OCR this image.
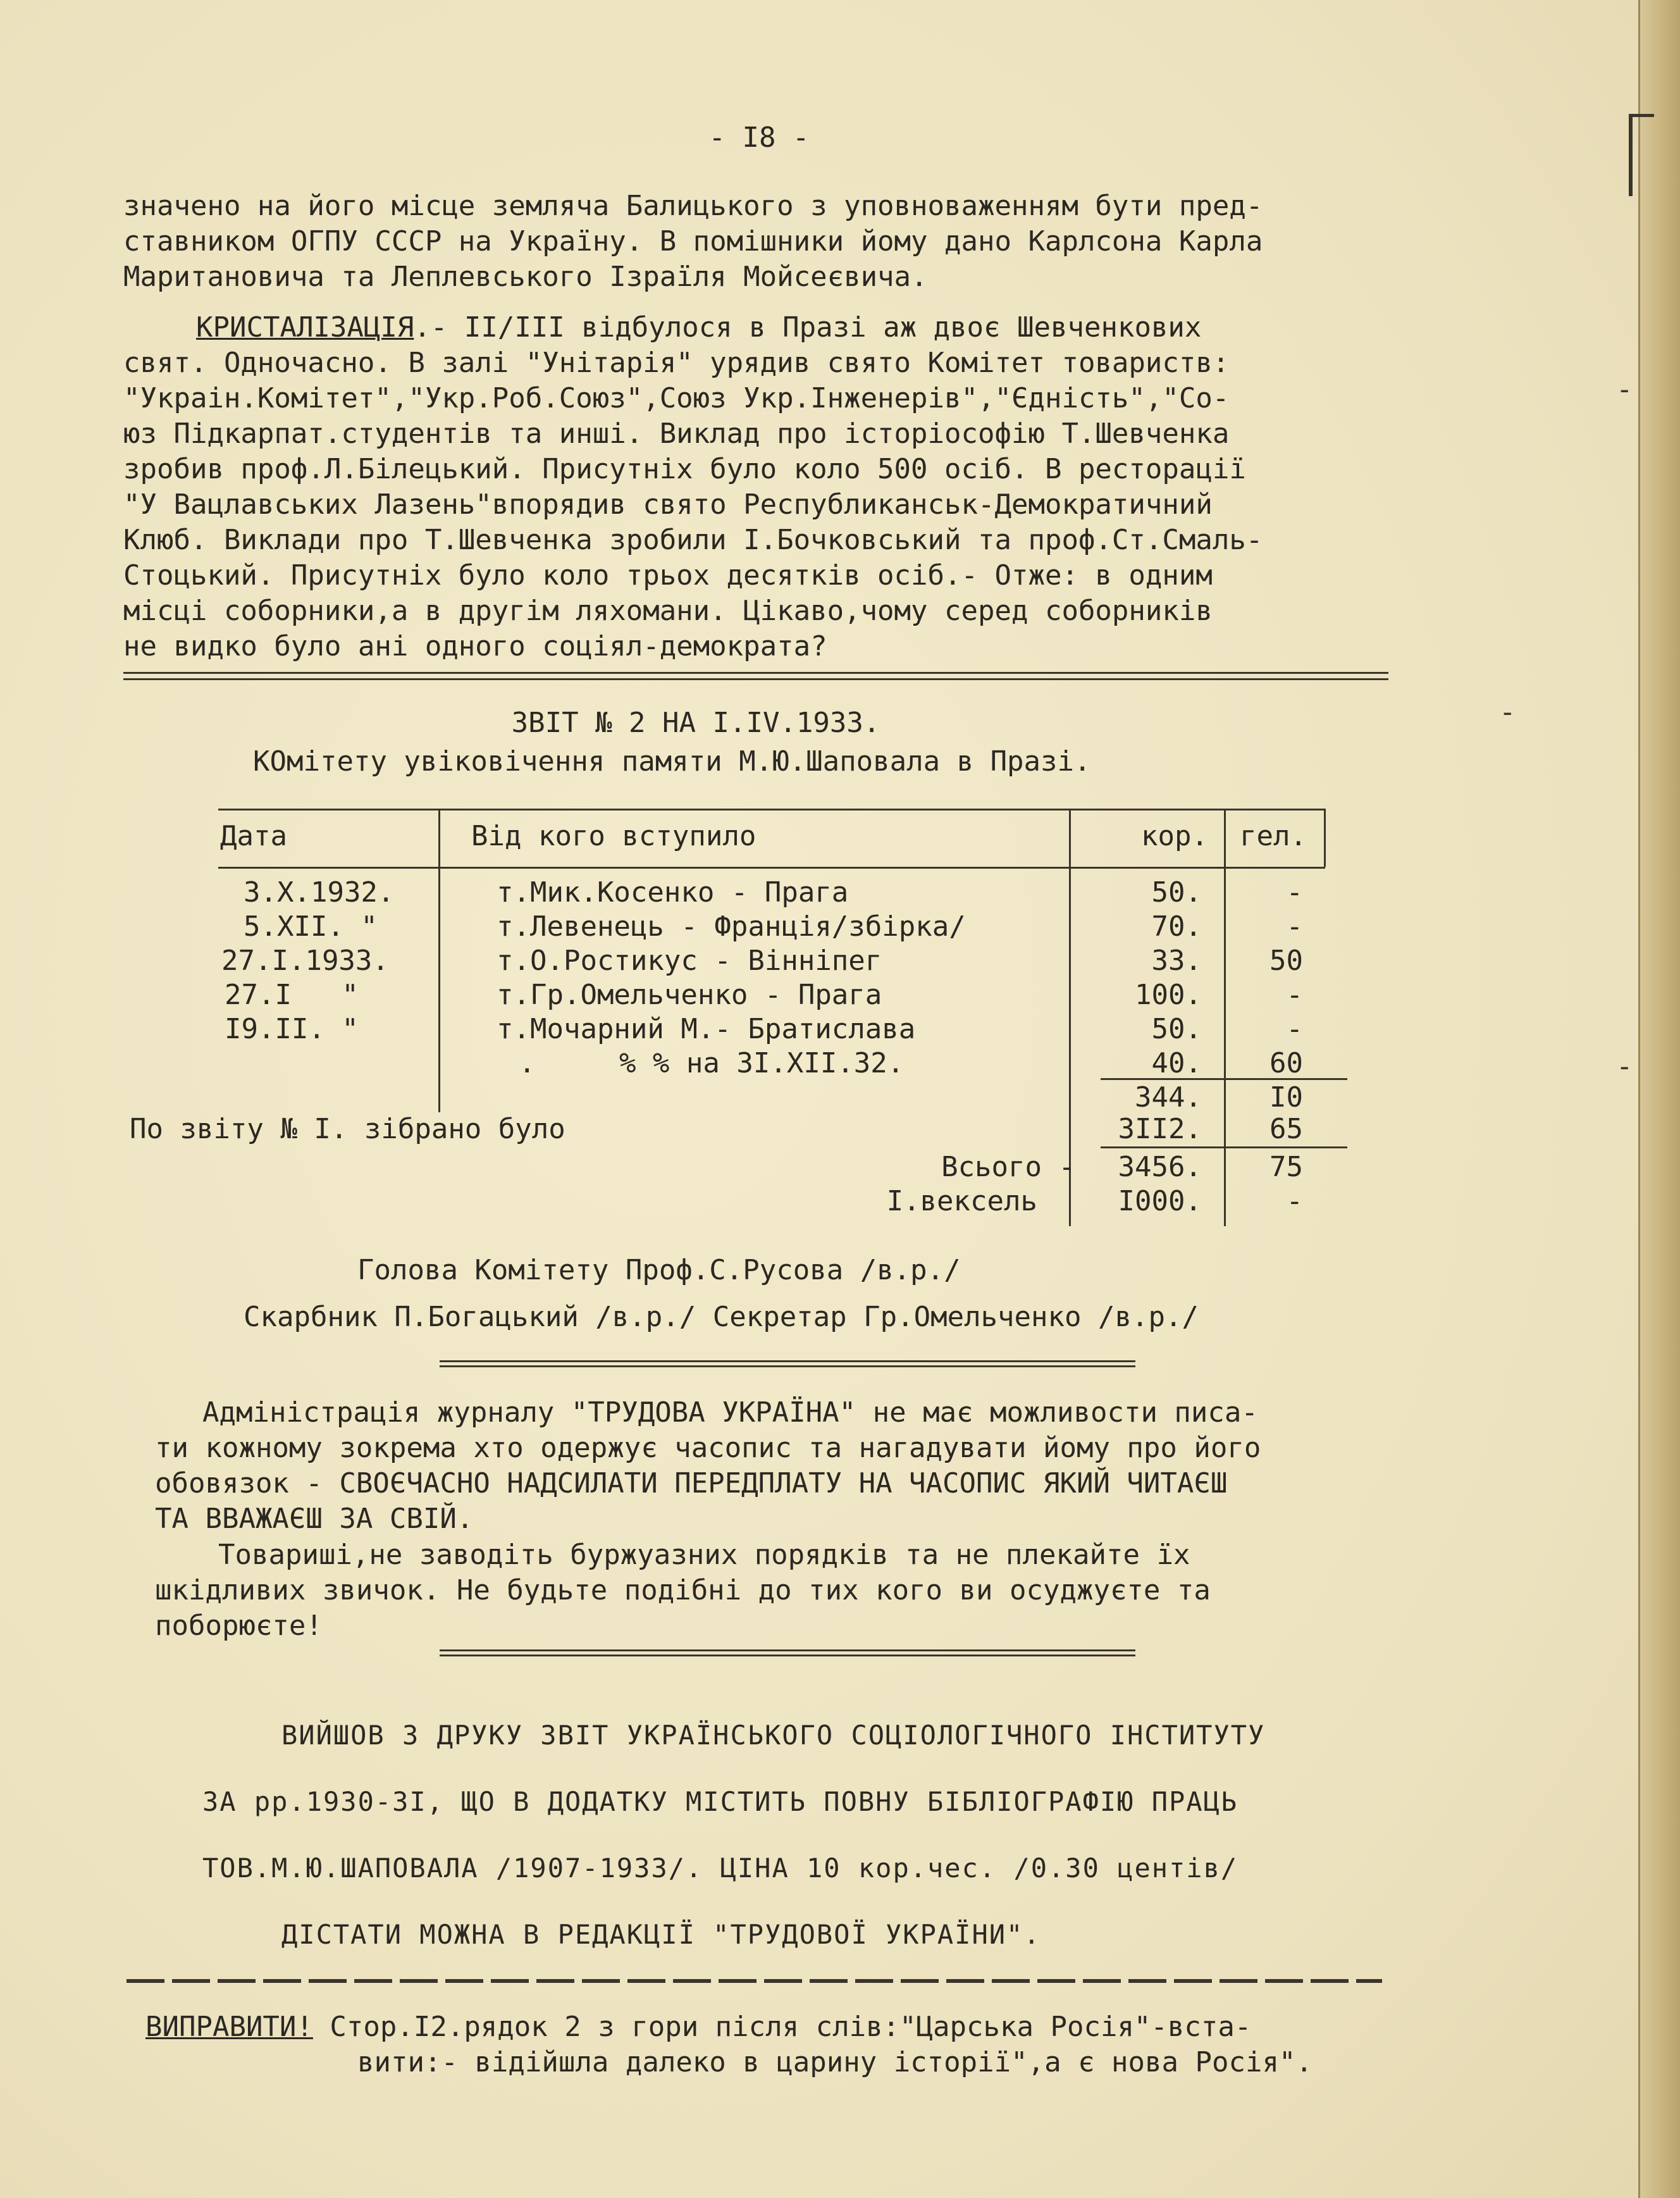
-
-
-
- I8 -
значено на його місце земляча Балицького з уповноваженням бути пред-
ставником ОГПУ СССР на Україну. В помішники йому дано Карлсона Карла
Маритановича та Леплевського Ізраїля Мойсеєвича.
КРИСТАЛІЗАЦІЯ.- II/III відбулося в Празі аж двоє Шевченкових
свят. Одночасно. В залі "Унітарія" урядив свято Комітет товариств:
"Украін.Комітет","Укр.Роб.Союз",Союз Укр.Інженерів","Єдність","Со-
юз Підкарпат.студентів та инші. Виклад про історіософію Т.Шевченка
зробив проф.Л.Білецький. Присутніх було коло 500 осіб. В ресторації
"У Вацлавських Лазень"впорядив свято Республиканськ-Демократичний
Клюб. Виклади про Т.Шевченка зробили І.Бочковський та проф.Ст.Смаль-
Стоцький. Присутніх було коло трьох десятків осіб.- Отже: в одним
місці соборники,а в другім ляхомани. Цікаво,чому серед соборників
не видко було ані одного соціял-демократа?
ЗВІТ № 2 НА І.IV.1933.
КОмітету увіковічення памяти М.Ю.Шаповала в Празі.
Дата	Від кого вступило	кор. гел.
3.X.1932.	т.Мик.Косенко - Прага	50.	-
5.XII. "	т.Левенець - Франція/збірка/	70.	-
27.I.1933.	т.О.Ростикус - Вінніпег	33.	50
27.I   "	т.Гр.Омельченко - Прага	100.	-
I9.II. "	т.Мочарний М.- Братислава	50.	-
.     % % на 3I.XII.32.	40.	60
344.	I0
По звіту № I. зібрано було	3II2.	65
Всього -	3456.	75
I.вексель	I000.	-
Голова Комітету Проф.С.Русова /в.р./
Скарбник П.Богацький /в.р./ Секретар Гр.Омельченко /в.р./
Адміністрація журналу "ТРУДОВА УКРАЇНА" не має можливости писа-
ти кожному зокрема хто одержує часопис та нагадувати йому про його
обовязок - СВОЄЧАСНО НАДСИЛАТИ ПЕРЕДПЛАТУ НА ЧАСОПИС ЯКИЙ ЧИТАЄШ
ТА ВВАЖАЄШ ЗА СВІЙ.
Товариші,не заводіть буржуазних порядків та не плекайте їх
шкідливих звичок. Не будьте подібні до тих кого ви осуджуєте та
поборюєте!
ВИЙШОВ З ДРУКУ ЗВІТ УКРАЇНСЬКОГО СОЦІОЛОГІЧНОГО ІНСТИТУТУ
ЗА рр.1930-3I, ЩО В ДОДАТКУ МІСТИТЬ ПОВНУ БІБЛІОГРАФІЮ ПРАЦЬ
ТОВ.М.Ю.ШАПОВАЛА /1907-1933/. ЦІНА 10 кор.чес. /0.30 центів/
ДІСТАТИ МОЖНА В РЕДАКЦІЇ "ТРУДОВОЇ УКРАЇНИ".
ВИПРАВИТИ! Стор.I2.рядок 2 з гори після слів:"Царська Росія"-вста-
вити:- відійшла далеко в царину історії",а є нова Росія".
